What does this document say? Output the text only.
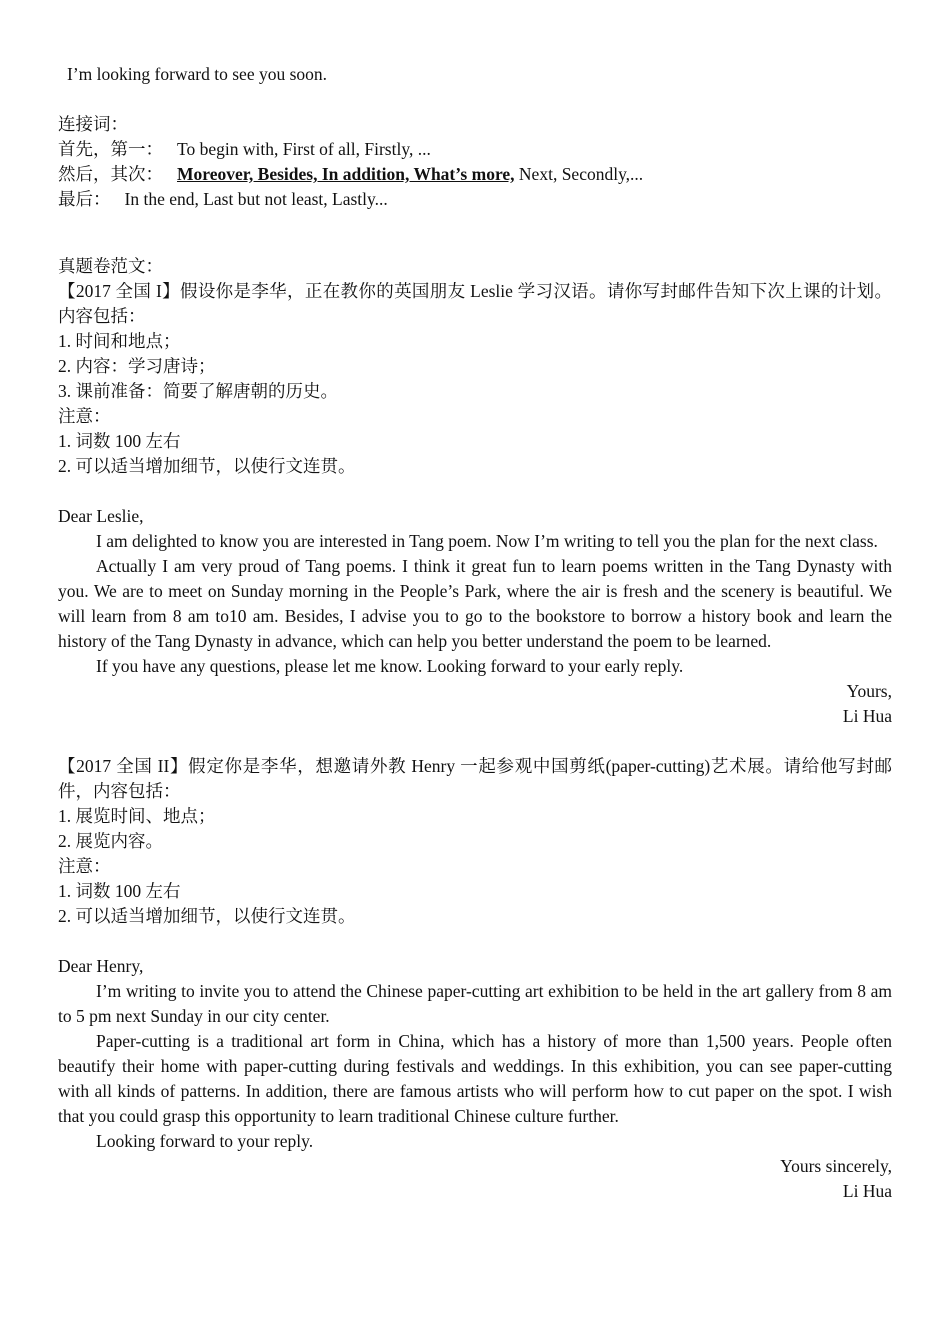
I’m looking forward to see you soon.
连接词：
首先，第一： To begin with, First of all, Firstly, ...
然后，其次： Moreover, Besides, In addition, What’s more, Next, Secondly,...
最后： In the end, Last but not least, Lastly...
真题卷范文：
【2017 全国 I】假设你是李华，正在教你的英国朋友 Leslie 学习汉语。请你写封邮件告知下次上课的计划。内容包括：
1. 时间和地点；
2. 内容：学习唐诗；
3. 课前准备：简要了解唐朝的历史。
注意：
1. 词数 100 左右
2. 可以适当增加细节，以使行文连贯。
Dear Leslie,
I am delighted to know you are interested in Tang poem. Now I’m writing to tell you the plan for the next class.
Actually I am very proud of Tang poems. I think it great fun to learn poems written in the Tang Dynasty with you. We are to meet on Sunday morning in the People’s Park, where the air is fresh and the scenery is beautiful. We will learn from 8 am to10 am. Besides, I advise you to go to the bookstore to borrow a history book and learn the history of the Tang Dynasty in advance, which can help you better understand the poem to be learned.
If you have any questions, please let me know. Looking forward to your early reply.
Yours,
Li Hua
【2017 全国 II】假定你是李华，想邀请外教 Henry 一起参观中国剪纸(paper-cutting)艺术展。请给他写封邮件，内容包括：
1. 展览时间、地点；
2. 展览内容。
注意：
1. 词数 100 左右
2. 可以适当增加细节，以使行文连贯。
Dear Henry,
I’m writing to invite you to attend the Chinese paper-cutting art exhibition to be held in the art gallery from 8 am to 5 pm next Sunday in our city center.
Paper-cutting is a traditional art form in China, which has a history of more than 1,500 years. People often beautify their home with paper-cutting during festivals and weddings. In this exhibition, you can see paper-cutting with all kinds of patterns. In addition, there are famous artists who will perform how to cut paper on the spot. I wish that you could grasp this opportunity to learn traditional Chinese culture further.
Looking forward to your reply.
Yours sincerely,
Li Hua
